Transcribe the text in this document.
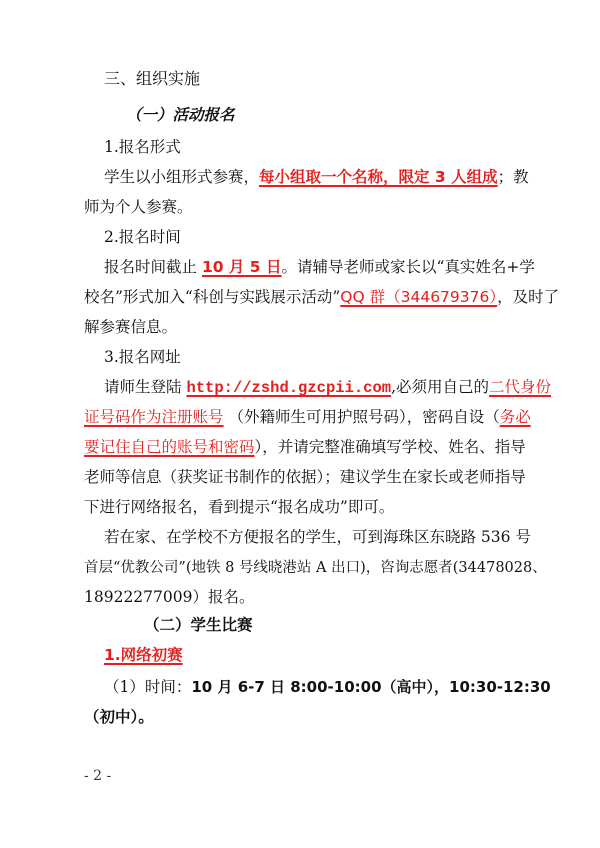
三、组织实施
（一）活动报名
1.报名形式
学生以小组形式参赛，每小组取一个名称，限定 3 人组成；教
师为个人参赛。
2.报名时间
报名时间截止 10 月 5 日。请辅导老师或家长以“真实姓名+学
校名”形式加入“科创与实践展示活动”QQ 群（344679376），及时了
解参赛信息。
3.报名网址
请师生登陆 http://zshd.gzcpii.com,必须用自己的二代身份
证号码作为注册账号 （外籍师生可用护照号码），密码自设（务必
要记住自己的账号和密码），并请完整准确填写学校、姓名、指导
老师等信息（获奖证书制作的依据）；建议学生在家长或老师指导
下进行网络报名，看到提示“报名成功”即可。
若在家、在学校不方便报名的学生，可到海珠区东晓路 536 号
首层“优教公司”(地铁 8 号线晓港站 A 出口)，咨询志愿者(34478028、
18922277009）报名。
（二）学生比赛
1.网络初赛
（1）时间：10 月 6-7 日 8:00-10:00（高中），10:30-12:30
（初中）。
- 2 -
